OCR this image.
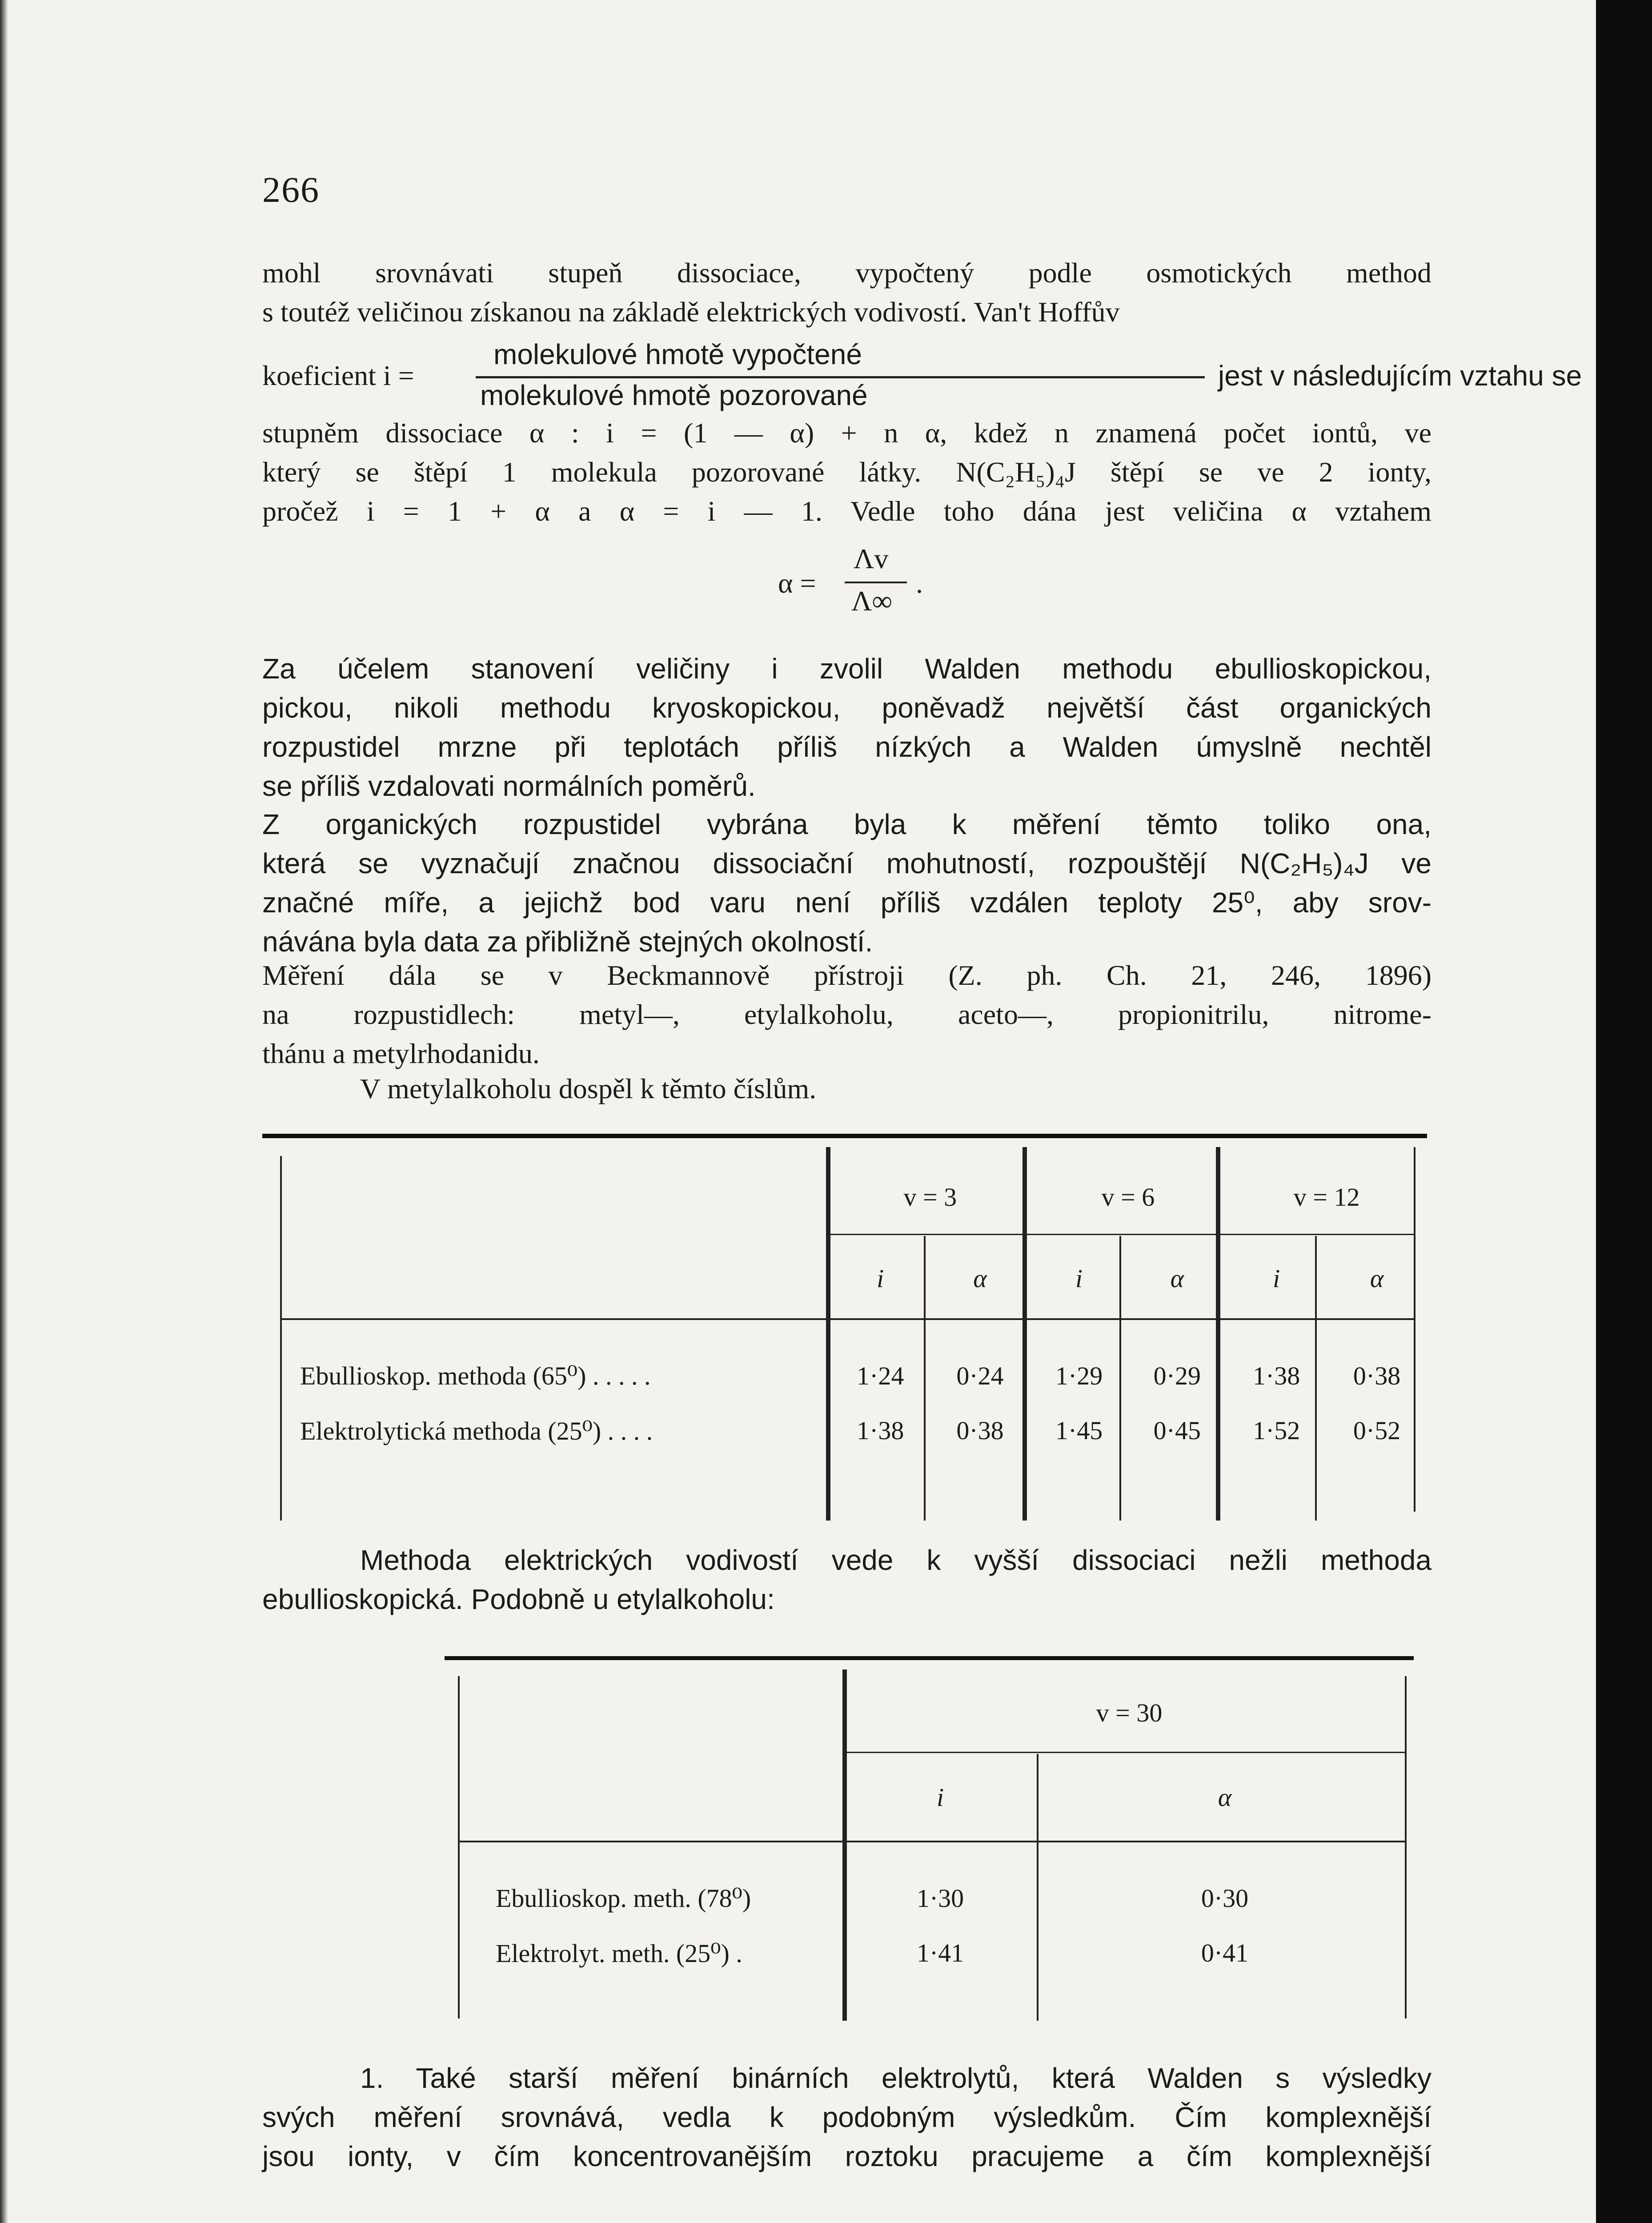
266
mohl srovnávati stupeň dissociace, vypočtený podle osmotických method
s toutéž veličinou získanou na základě elektrických vodivostí. Van't Hoffův
koeficient i =
molekulové hmotě vypočtené
molekulové hmotě pozorované
jest v následujícím vztahu se
stupněm dissociace α : i = (1 — α) + n α, kdež n znamená počet iontů, ve
který se štěpí 1 molekula pozorované látky. N(C₂H₅)₄J štěpí se ve 2 ionty,
pročež i = 1 + α a α = i — 1. Vedle toho dána jest veličina α vztahem
α =
Λv
Λ∞
.
Za účelem stanovení veličiny i zvolil Walden methodu ebullioskopickou,
pickou, nikoli methodu kryoskopickou, poněvadž největší část organických
rozpustidel mrzne při teplotách příliš nízkých a Walden úmyslně nechtěl
se příliš vzdalovati normálních poměrů.
Z organických rozpustidel vybrána byla k měření těmto toliko ona,
která se vyznačují značnou dissociační mohutností, rozpouštějí N(C₂H₅)₄J ve
značné míře, a jejichž bod varu není příliš vzdálen teploty 25⁰, aby srov-
návána byla data za přibližně stejných okolností.
Měření dála se v Beckmannově přístroji (Z. ph. Ch. 21, 246, 1896)
na rozpustidlech: metyl—, etylalkoholu, aceto—, propionitrilu, nitrome-
thánu a metylrhodanidu.
V metylalkoholu dospěl k těmto číslům.
	v = 3		v = 6		v = 12	
	i	α	i	α	i	α
Ebullioskop. methoda (65⁰) . . . . .	1·24	0·24	1·29	0·29	1·38	0·38
Elektrolytická methoda (25⁰) . . . .	1·38	0·38	1·45	0·45	1·52	0·52
Methoda elektrických vodivostí vede k vyšší dissociaci nežli methoda
ebullioskopická. Podobně u etylalkoholu:
	v = 30	
	i	α
Ebullioskop. meth. (78⁰)	1·30	0·30
Elektrolyt. meth. (25⁰) .	1·41	0·41
1. Také starší měření binárních elektrolytů, která Walden s výsledky
svých měření srovnává, vedla k podobným výsledkům. Čím komplexnější
jsou ionty, v čím koncentrovanějším roztoku pracujeme a čím komplexnější
